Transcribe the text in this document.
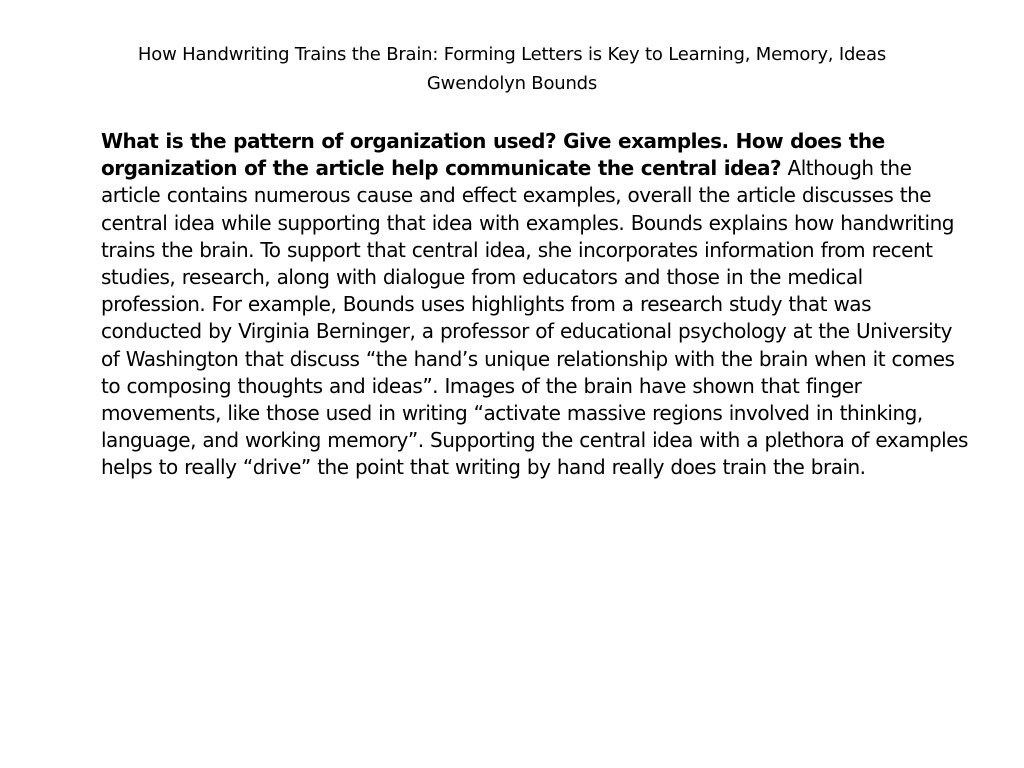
How Handwriting Trains the Brain: Forming Letters is Key to Learning, Memory, Ideas
Gwendolyn Bounds

What is the pattern of organization used? Give examples. How does the organization of the article help communicate the central idea? Although the article contains numerous cause and effect examples, overall the article discusses the central idea while supporting that idea with examples. Bounds explains how handwriting trains the brain. To support that central idea, she incorporates information from recent studies, research, along with dialogue from educators and those in the medical profession. For example, Bounds uses highlights from a research study that was conducted by Virginia Berninger, a professor of educational psychology at the University of Washington that discuss “the hand’s unique relationship with the brain when it comes to composing thoughts and ideas”. Images of the brain have shown that finger movements, like those used in writing “activate massive regions involved in thinking, language, and working memory”. Supporting the central idea with a plethora of examples helps to really “drive” the point that writing by hand really does train the brain.
